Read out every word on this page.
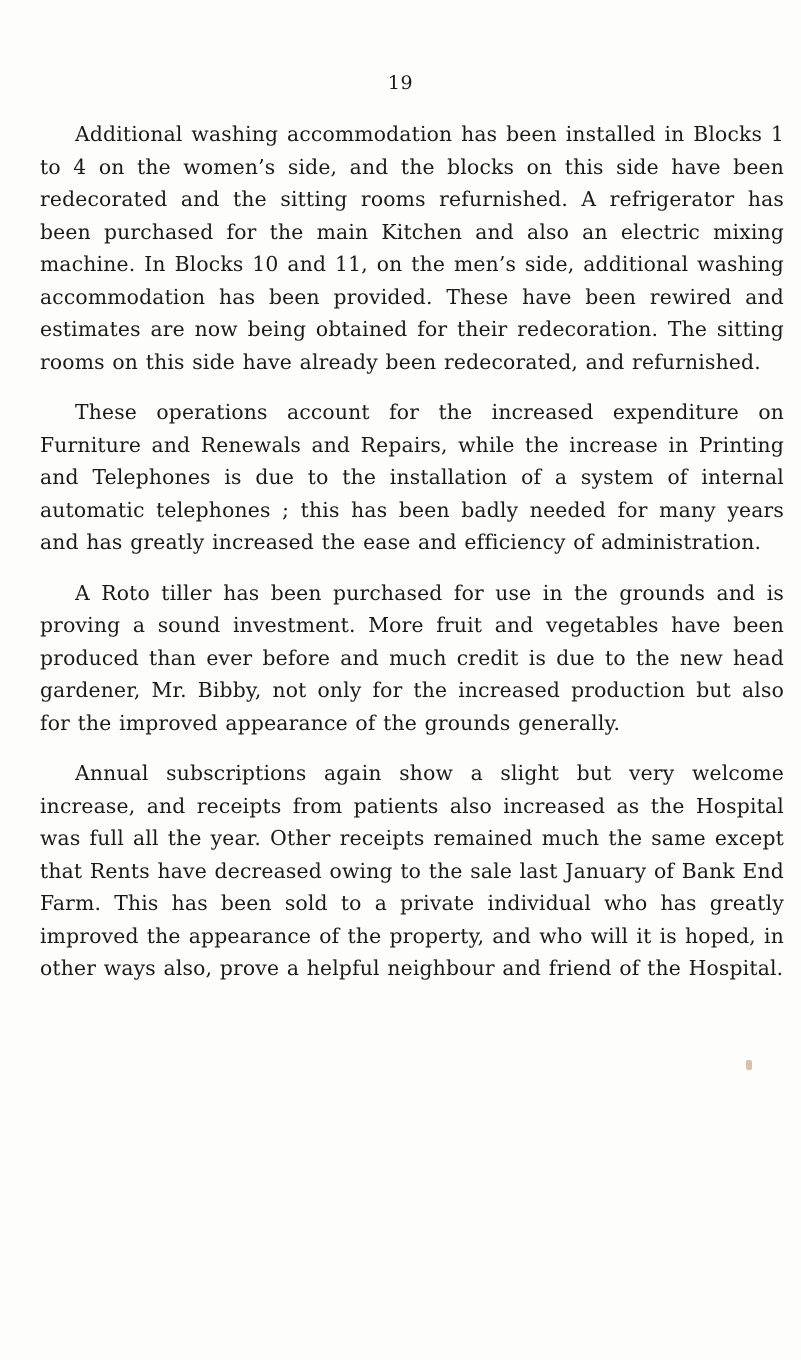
19

Additional washing accommodation has been installed in Blocks 1 to 4 on the women’s side, and the blocks on this side have been redecorated and the sitting rooms refurnished. A refrigerator has been purchased for the main Kitchen and also an electric mixing machine. In Blocks 10 and 11, on the men’s side, additional washing accommodation has been provided. These have been rewired and estimates are now being obtained for their redecoration. The sitting rooms on this side have already been redecorated, and refurnished.

These operations account for the increased expenditure on Furniture and Renewals and Repairs, while the increase in Printing and Telephones is due to the installation of a system of internal automatic telephones ; this has been badly needed for many years and has greatly increased the ease and efficiency of administration.

A Roto tiller has been purchased for use in the grounds and is proving a sound investment. More fruit and vegetables have been produced than ever before and much credit is due to the new head gardener, Mr. Bibby, not only for the increased production but also for the improved appearance of the grounds generally.

Annual subscriptions again show a slight but very welcome increase, and receipts from patients also increased as the Hospital was full all the year. Other receipts remained much the same except that Rents have decreased owing to the sale last January of Bank End Farm. This has been sold to a private individual who has greatly improved the appearance of the property, and who will it is hoped, in other ways also, prove a helpful neighbour and friend of the Hospital.
